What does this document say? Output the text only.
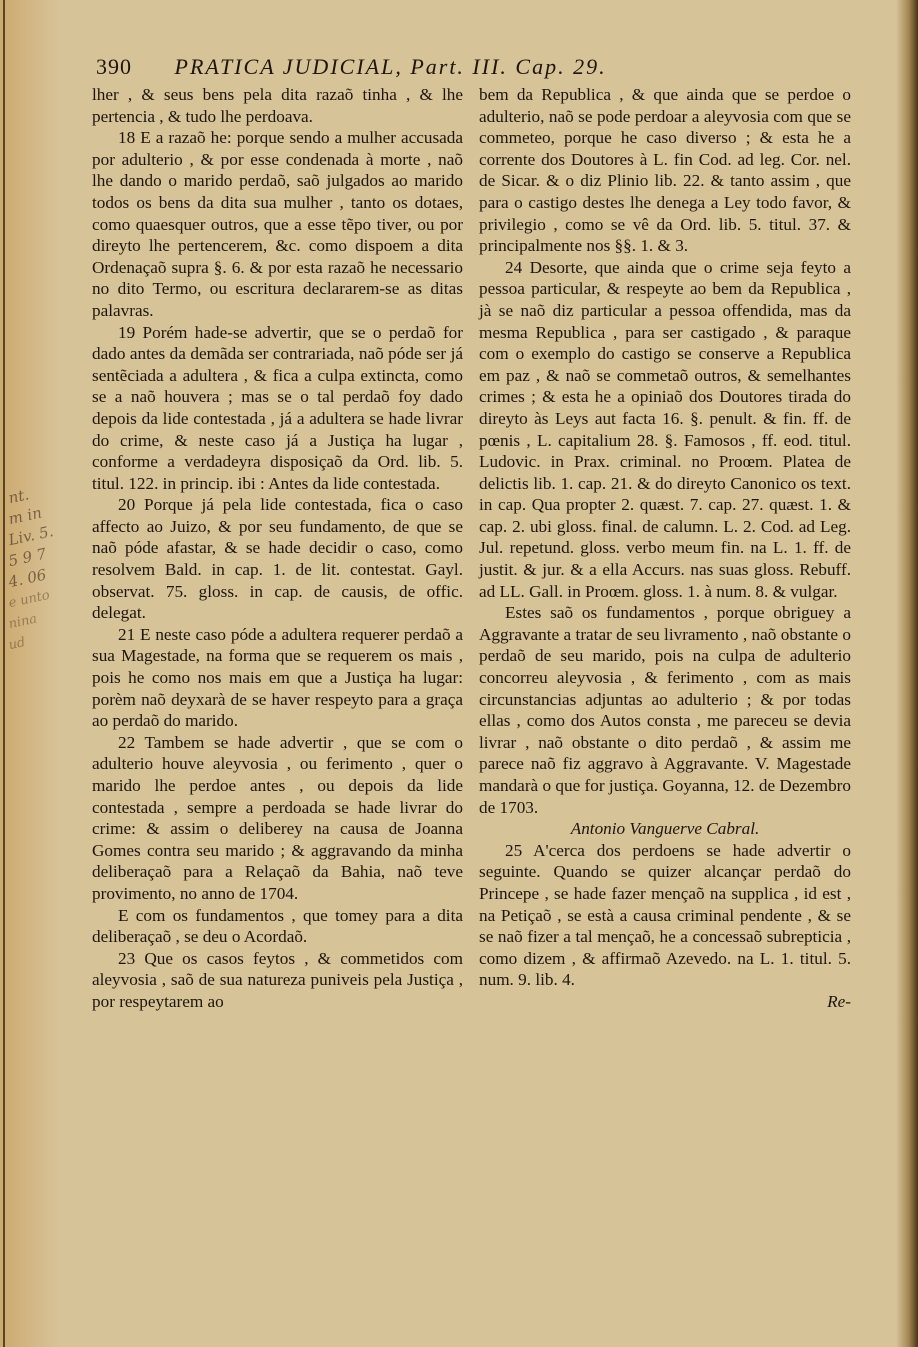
390 PRATICA JUDICIAL, Part. III. Cap. 29.

lher , & seus bens pela dita razaõ tinha , & lhe pertencia , & tudo lhe perdoava.

18 E a razaõ he: porque sendo a mulher accusada por adulterio , & por esse condenada à morte , naõ lhe dando o marido perdaõ, saõ julgados ao marido todos os bens da dita sua mulher , tanto os dotaes, como quaesquer outros, que a esse tẽpo tiver, ou por direyto lhe pertencerem, &c. como dispoem a dita Ordenaçaõ supra §. 6. & por esta razaõ he necessario no dito Termo, ou escritura declararem-se as ditas palavras.

19 Porém hade-se advertir, que se o perdaõ for dado antes da demãda ser contrariada, naõ póde ser já sentẽciada a adultera , & fica a culpa extincta, como se a naõ houvera ; mas se o tal perdaõ foy dado depois da lide contestada , já a adultera se hade livrar do crime, & neste caso já a Justiça ha lugar , conforme a verdadeyra disposiçaõ da Ord. lib. 5. titul. 122. in princip. ibi : Antes da lide contestada.

20 Porque já pela lide contestada, fica o caso affecto ao Juizo, & por seu fundamento, de que se naõ póde afastar, & se hade decidir o caso, como resolvem Bald. in cap. 1. de lit. contestat. Gayl. observat. 75. gloss. in cap. de causis, de offic. delegat.

21 E neste caso póde a adultera requerer perdaõ a sua Magestade, na forma que se requerem os mais , pois he como nos mais em que a Justiça ha lugar: porèm naõ deyxarà de se haver respeyto para a graça ao perdaõ do marido.

22 Tambem se hade advertir , que se com o adulterio houve aleyvosia , ou ferimento , quer o marido lhe perdoe antes , ou depois da lide contestada , sempre a perdoada se hade livrar do crime: & assim o deliberey na causa de Joanna Gomes contra seu marido ; & aggravando da minha deliberaçaõ para a Relaçaõ da Bahia, naõ teve provimento, no anno de 1704.

E com os fundamentos , que tomey para a dita deliberaçaõ , se deu o Acordaõ.

23 Que os casos feytos , & commetidos com aleyvosia , saõ de sua natureza puniveis pela Justiça , por respeytarem ao

bem da Republica , & que ainda que se perdoe o adulterio, naõ se pode perdoar a aleyvosia com que se commeteo, porque he caso diverso ; & esta he a corrente dos Doutores à L. fin Cod. ad leg. Cor. nel. de Sicar. & o diz Plinio lib. 22. & tanto assim , que para o castigo destes lhe denega a Ley todo favor, & privilegio , como se vê da Ord. lib. 5. titul. 37. & principalmente nos §§. 1. & 3.

24 Desorte, que ainda que o crime seja feyto a pessoa particular, & respeyte ao bem da Republica , jà se naõ diz particular a pessoa offendida, mas da mesma Republica , para ser castigado , & paraque com o exemplo do castigo se conserve a Republica em paz , & naõ se commetaõ outros, & semelhantes crimes ; & esta he a opiniaõ dos Doutores tirada do direyto às Leys aut facta 16. §. penult. & fin. ff. de pœnis , L. capitalium 28. §. Famosos , ff. eod. titul. Ludovic. in Prax. criminal. no Proœm. Platea de delictis lib. 1. cap. 21. & do direyto Canonico os text. in cap. Qua propter 2. quæst. 7. cap. 27. quæst. 1. & cap. 2. ubi gloss. final. de calumn. L. 2. Cod. ad Leg. Jul. repetund. gloss. verbo meum fin. na L. 1. ff. de justit. & jur. & a ella Accurs. nas suas gloss. Rebuff. ad LL. Gall. in Proœm. gloss. 1. à num. 8. & vulgar.

Estes saõ os fundamentos , porque obriguey a Aggravante a tratar de seu livramento , naõ obstante o perdaõ de seu marido, pois na culpa de adulterio concorreu aleyvosia , & ferimento , com as mais circunstancias adjuntas ao adulterio ; & por todas ellas , como dos Autos consta , me pareceu se devia livrar , naõ obstante o dito perdaõ , & assim me parece naõ fiz aggravo à Aggravante. V. Magestade mandarà o que for justiça. Goyanna, 12. de Dezembro de 1703.

Antonio Vanguerve Cabral.

25 A'cerca dos perdoens se hade advertir o seguinte. Quando se quizer alcançar perdaõ do Princepe , se hade fazer mençaõ na supplica , id est , na Petiçaõ , se està a causa criminal pendente , & se se naõ fizer a tal mençaõ, he a concessaõ subrepticia , como dizem , & affirmaõ Azevedo. na L. 1. titul. 5. num. 9. lib. 4.

Re-

nt.
m in
Liv. 5.
5 9 7
4. 06
e unto
nina
ud
